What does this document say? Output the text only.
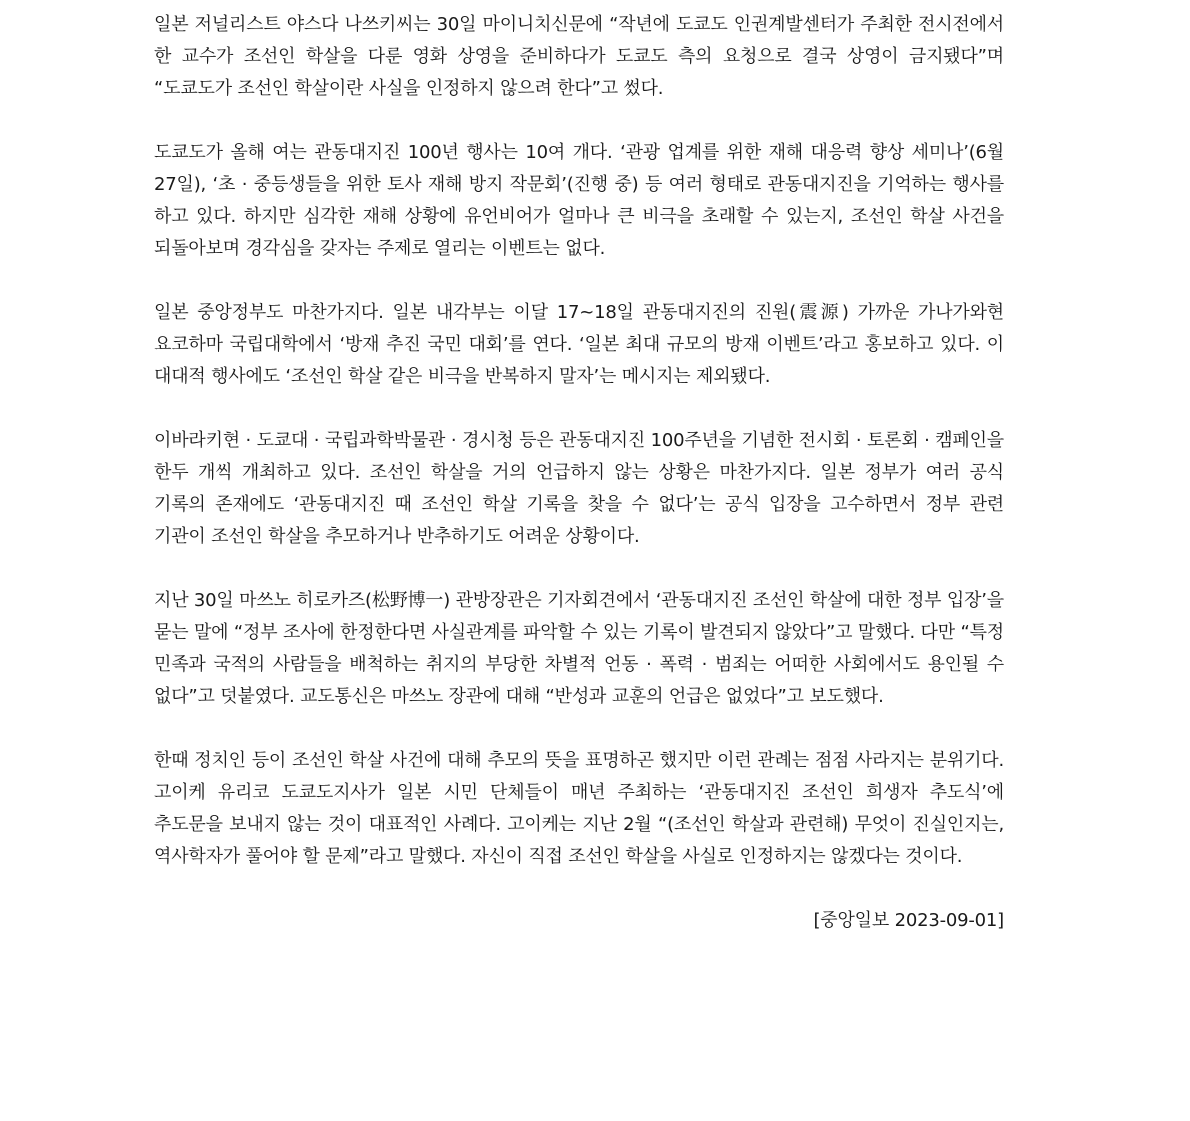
일본 저널리스트 야스다 나쓰키씨는 30일 마이니치신문에 “작년에 도쿄도 인권계발센터가 주최한 전시전에서 한 교수가 조선인 학살을 다룬 영화 상영을 준비하다가 도쿄도 측의 요청으로 결국 상영이 금지됐다”며 “도쿄도가 조선인 학살이란 사실을 인정하지 않으려 한다”고 썼다.

도쿄도가 올해 여는 관동대지진 100년 행사는 10여 개다. ‘관광 업계를 위한 재해 대응력 향상 세미나’(6월 27일), ‘초 · 중등생들을 위한 토사 재해 방지 작문회’(진행 중) 등 여러 형태로 관동대지진을 기억하는 행사를 하고 있다. 하지만 심각한 재해 상황에 유언비어가 얼마나 큰 비극을 초래할 수 있는지, 조선인 학살 사건을 되돌아보며 경각심을 갖자는 주제로 열리는 이벤트는 없다.

일본 중앙정부도 마찬가지다. 일본 내각부는 이달 17~18일 관동대지진의 진원(震源) 가까운 가나가와현 요코하마 국립대학에서 ‘방재 추진 국민 대회’를 연다. ‘일본 최대 규모의 방재 이벤트’라고 홍보하고 있다. 이 대대적 행사에도 ‘조선인 학살 같은 비극을 반복하지 말자’는 메시지는 제외됐다.

이바라키현 · 도쿄대 · 국립과학박물관 · 경시청 등은 관동대지진 100주년을 기념한 전시회 · 토론회 · 캠페인을 한두 개씩 개최하고 있다. 조선인 학살을 거의 언급하지 않는 상황은 마찬가지다. 일본 정부가 여러 공식 기록의 존재에도 ‘관동대지진 때 조선인 학살 기록을 찾을 수 없다’는 공식 입장을 고수하면서 정부 관련 기관이 조선인 학살을 추모하거나 반추하기도 어려운 상황이다.

지난 30일 마쓰노 히로카즈(松野博一) 관방장관은 기자회견에서 ‘관동대지진 조선인 학살에 대한 정부 입장’을 묻는 말에 “정부 조사에 한정한다면 사실관계를 파악할 수 있는 기록이 발견되지 않았다”고 말했다. 다만 “특정 민족과 국적의 사람들을 배척하는 취지의 부당한 차별적 언동 · 폭력 · 범죄는 어떠한 사회에서도 용인될 수 없다”고 덧붙였다. 교도통신은 마쓰노 장관에 대해 “반성과 교훈의 언급은 없었다”고 보도했다.

한때 정치인 등이 조선인 학살 사건에 대해 추모의 뜻을 표명하곤 했지만 이런 관례는 점점 사라지는 분위기다. 고이케 유리코 도쿄도지사가 일본 시민 단체들이 매년 주최하는 ‘관동대지진 조선인 희생자 추도식’에 추도문을 보내지 않는 것이 대표적인 사례다. 고이케는 지난 2월 “(조선인 학살과 관련해) 무엇이 진실인지는, 역사학자가 풀어야 할 문제”라고 말했다. 자신이 직접 조선인 학살을 사실로 인정하지는 않겠다는 것이다.

[중앙일보 2023-09-01]
